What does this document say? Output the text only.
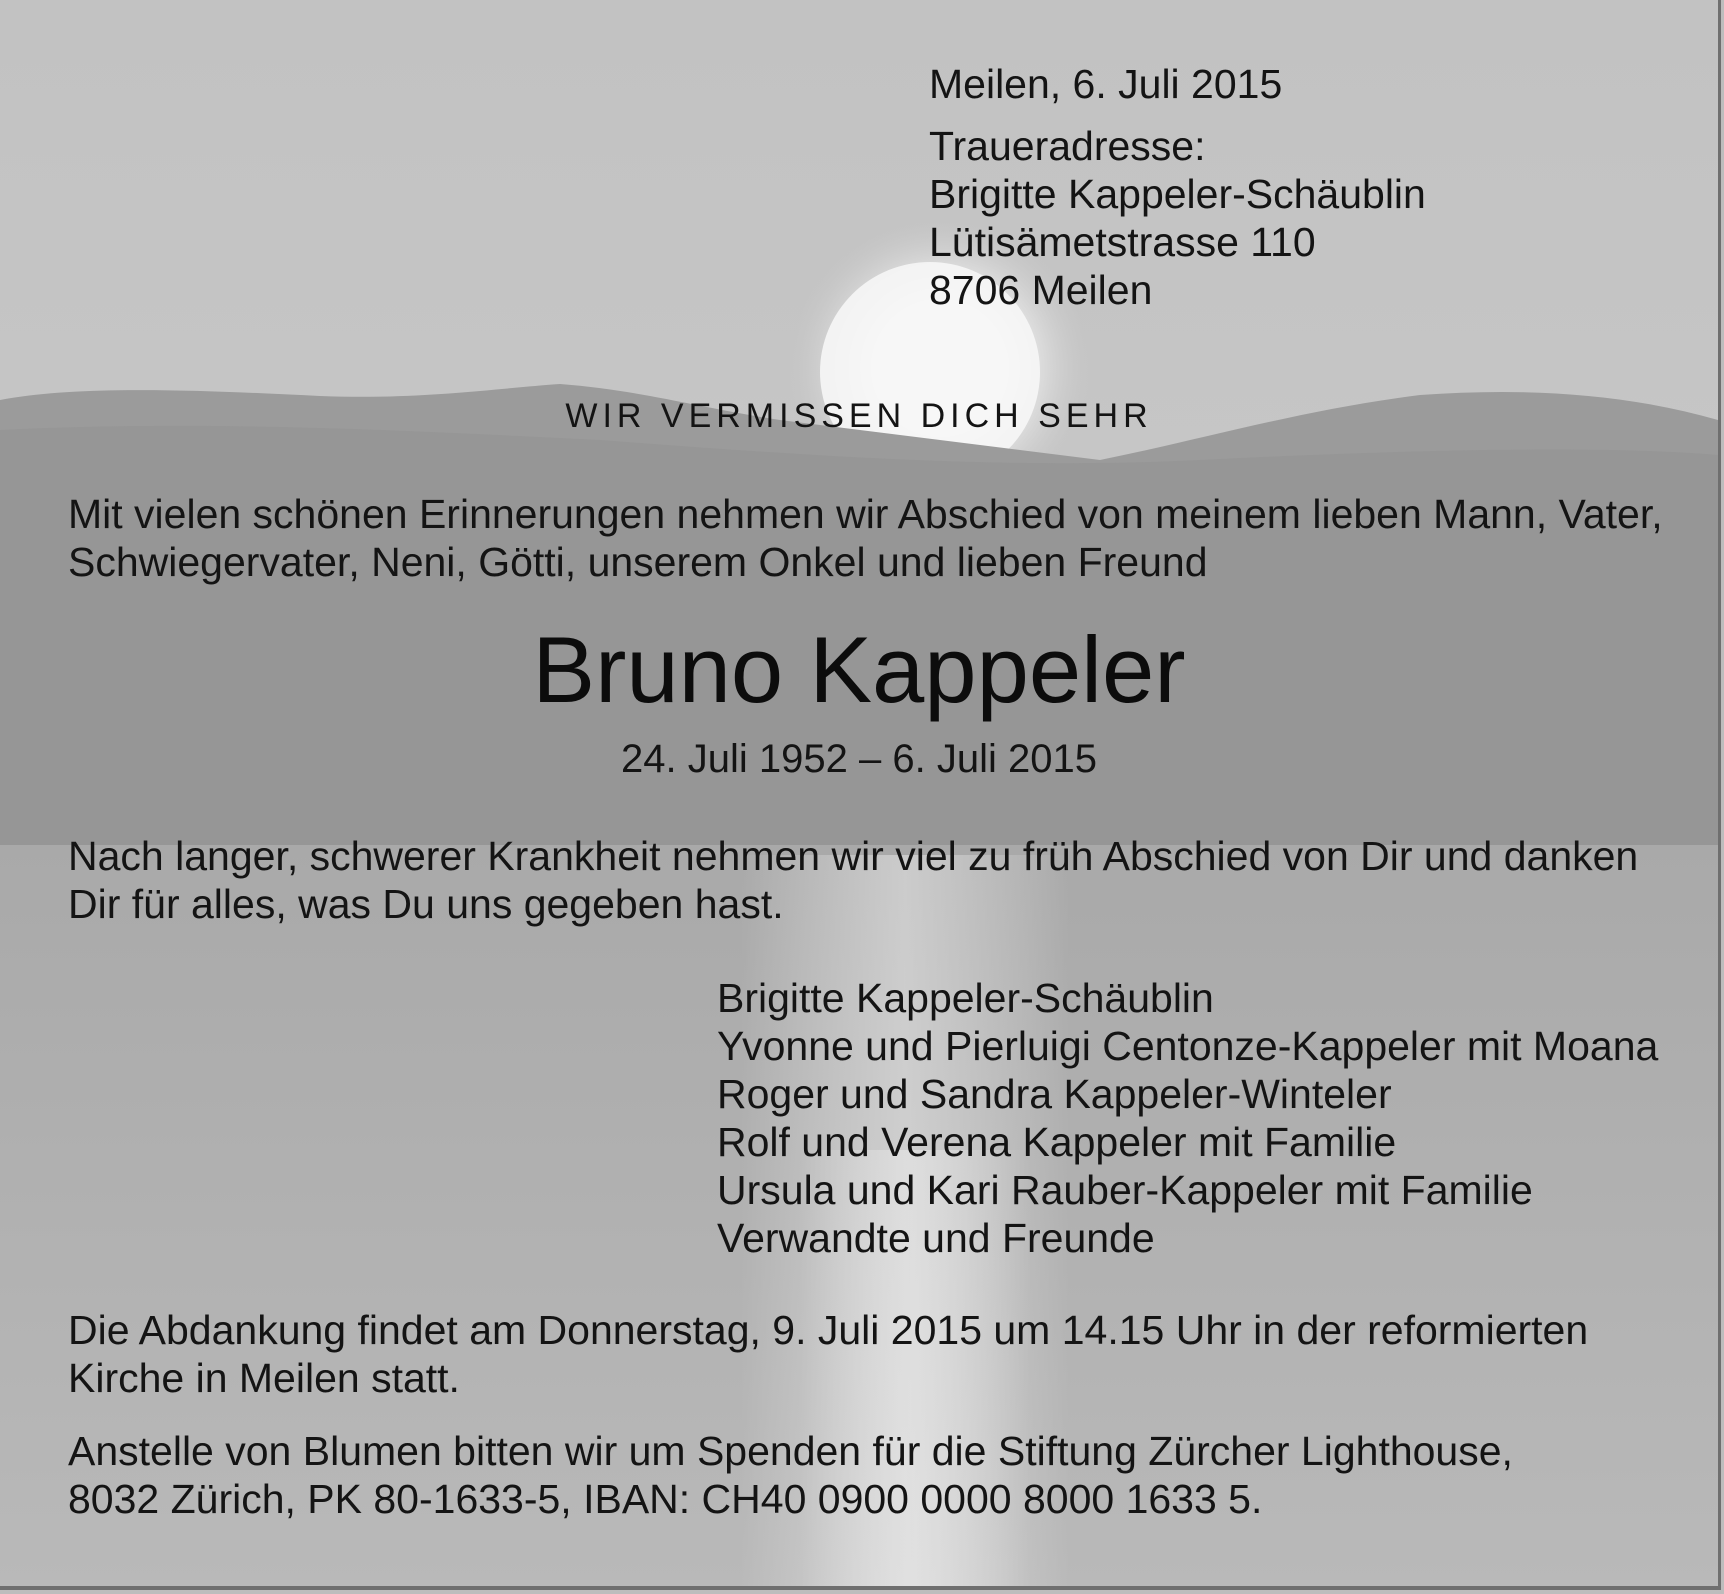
Meilen, 6. Juli 2015
Traueradresse:
Brigitte Kappeler-Schäublin
Lütisämetstrasse 110
8706 Meilen
WIR VERMISSEN DICH SEHR
Mit vielen schönen Erinnerungen nehmen wir Abschied von meinem lieben Mann, Vater,
Schwiegervater, Neni, Götti, unserem Onkel und lieben Freund
Bruno Kappeler
24. Juli 1952 – 6. Juli 2015
Nach langer, schwerer Krankheit nehmen wir viel zu früh Abschied von Dir und danken
Dir für alles, was Du uns gegeben hast.
Brigitte Kappeler-Schäublin
Yvonne und Pierluigi Centonze-Kappeler mit Moana
Roger und Sandra Kappeler-Winteler
Rolf und Verena Kappeler mit Familie
Ursula und Kari Rauber-Kappeler mit Familie
Verwandte und Freunde
Die Abdankung findet am Donnerstag, 9. Juli 2015 um 14.15 Uhr in der reformierten
Kirche in Meilen statt.
Anstelle von Blumen bitten wir um Spenden für die Stiftung Zürcher Lighthouse,
8032 Zürich, PK 80-1633-5, IBAN: CH40 0900 0000 8000 1633 5.
